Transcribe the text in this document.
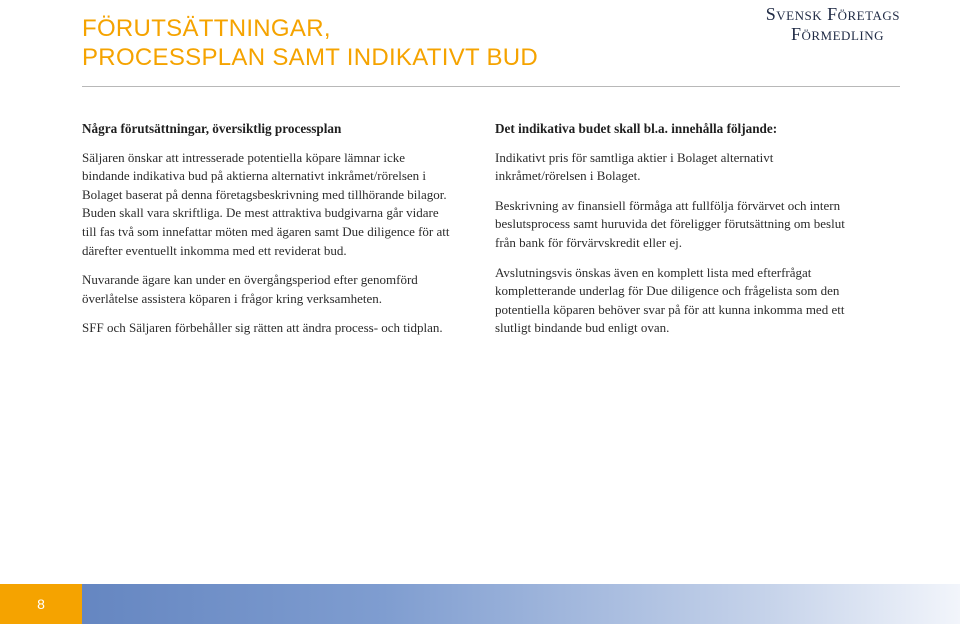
FÖRUTSÄTTNINGAR,
PROCESSPLAN SAMT INDIKATIVT BUD
Svensk Företags
Förmedling

Några förutsättningar, översiktlig processplan

Säljaren önskar att intresserade potentiella köpare lämnar icke bindande indikativa bud på aktierna alternativt inkråmet/rörelsen i Bolaget baserat på denna företagsbeskrivning med tillhörande bilagor. Buden skall vara skriftliga. De mest attraktiva budgivarna går vidare till fas två som innefattar möten med ägaren samt Due diligence för att därefter eventuellt inkomma med ett reviderat bud.

Nuvarande ägare kan under en övergångsperiod efter genomförd överlåtelse assistera köparen i frågor kring verksamheten.

SFF och Säljaren förbehåller sig rätten att ändra process- och tidplan.

Det indikativa budet skall bl.a. innehålla följande:

Indikativt pris för samtliga aktier i Bolaget alternativt inkråmet/rörelsen i Bolaget.

Beskrivning av finansiell förmåga att fullfölja förvärvet och intern beslutsprocess samt huruvida det föreligger förutsättning om beslut från bank för förvärvskredit eller ej.

Avslutningsvis önskas även en komplett lista med efterfrågat kompletterande underlag för Due diligence och frågelista som den potentiella köparen behöver svar på för att kunna inkomma med ett slutligt bindande bud enligt ovan.

8
